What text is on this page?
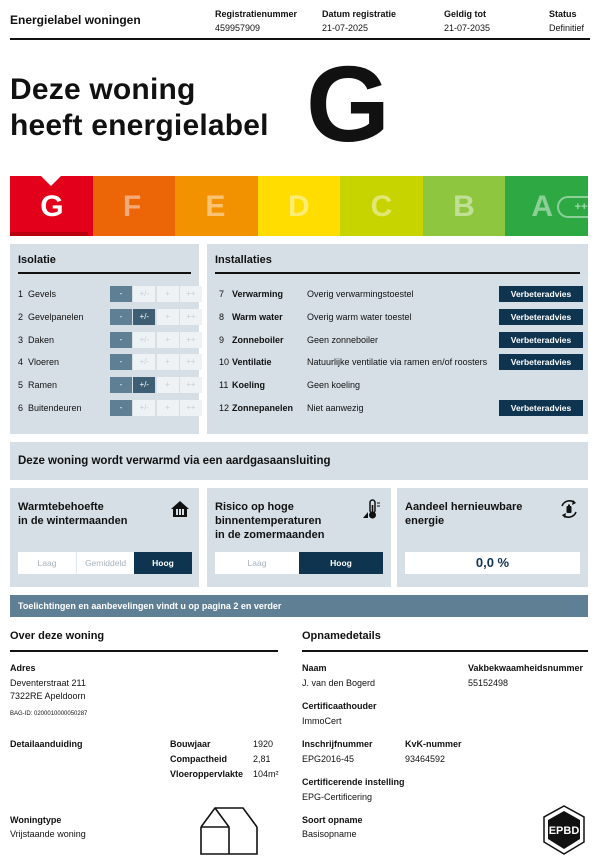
Energielabel woningen	Registratienummer
459957909
Datum registratie
21-07-2025
Geldig tot
21-07-2035
Status
Definitief
Deze woning
heeft energielabel G
G F E D C B A	++++
Isolatie
1 Gevels	-	+/-	+	++
2 Gevelpanelen	-	+/-	+	++
3 Daken	-	+/-	+	++
4 Vloeren	-	+/-	+	++
5 Ramen	-	+/-	+	++
6 Buitendeuren	-	+/-	+	++
Installaties
7 Verwarming	Overig verwarmingstoestel	Verbeteradvies
8 Warm water	Overig warm water toestel	Verbeteradvies
9 Zonneboiler	Geen zonneboiler	Verbeteradvies
10 Ventilatie	Natuurlijke ventilatie via ramen en/of roosters	Verbeteradvies
11 Koeling	Geen koeling
12 Zonnepanelen Niet aanwezig	Verbeteradvies
Deze woning wordt verwarmd via een aardgasaansluiting
Warmtebehoefte
in de wintermaanden
Laag	Gemiddeld	Hoog
Risico op hoge
binnentemperaturen
in de zomermaanden
Laag	Hoog
Aandeel hernieuwbare
energie
0,0 %
Toelichtingen en aanbevelingen vindt u op pagina 2 en verder
Over deze woning
Adres
Deventerstraat 211
7322RE Apeldoorn
BAG-ID: 0200010000050287
Detailaanduiding	Bouwjaar	1920
Compactheid	2,81
Vloeroppervlakte 104m²
Woningtype
Vrijstaande woning
Opnamedetails
Naam
J. van den Bogerd
Vakbekwaamheidsnummer
55152498
Certificaathouder
ImmoCert
Inschrijfnummer
EPG2016-45
KvK-nummer
93464592
Certificerende instelling
EPG-Certificering
Soort opname
Basisopname	EPBD
